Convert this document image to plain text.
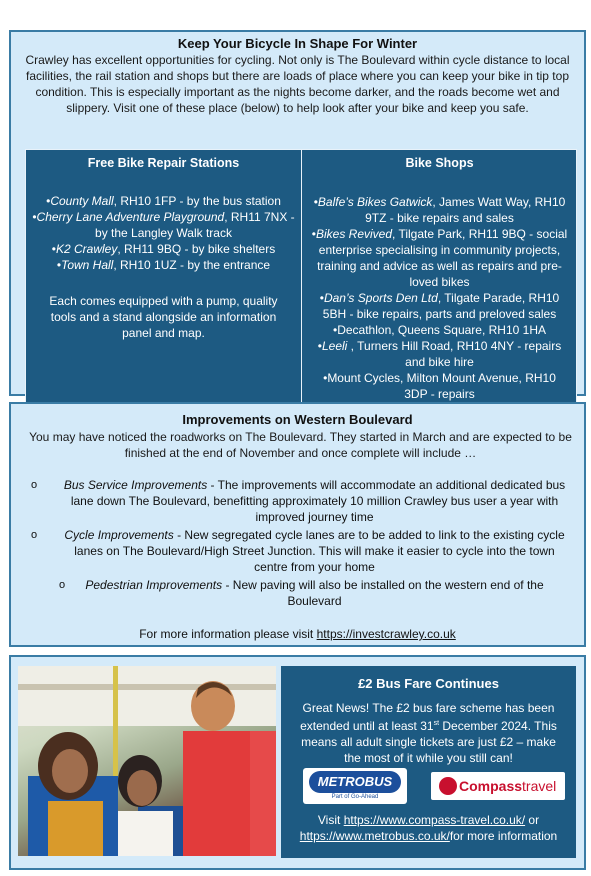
Keep Your Bicycle In Shape For Winter
Crawley has excellent opportunities for cycling. Not only is The Boulevard within cycle distance to local facilities, the rail station and shops but there are loads of place where you can keep your bike in tip top condition. This is especially important as the nights become darker, and the roads become wet and slippery. Visit one of these place (below) to help look after your bike and keep you safe.
Free Bike Repair Stations
•County Mall, RH10 1FP - by the bus station
•Cherry Lane Adventure Playground, RH11 7NX - by the Langley Walk track
•K2 Crawley, RH11 9BQ - by bike shelters
•Town Hall, RH10 1UZ - by the entrance
Each comes equipped with a pump, quality tools and a stand alongside an information panel and map.
Bike Shops
•Balfe’s Bikes Gatwick, James Watt Way, RH10 9TZ - bike repairs and sales
•Bikes Revived, Tilgate Park, RH11 9BQ - social enterprise specialising in community projects, training and advice as well as repairs and pre-loved bikes
•Dan’s Sports Den Ltd, Tilgate Parade, RH10 5BH - bike repairs, parts and preloved sales
•Decathlon, Queens Square, RH10 1HA
•Leeli , Turners Hill Road, RH10 4NY - repairs and bike hire
•Mount Cycles, Milton Mount Avenue, RH10 3DP - repairs
Improvements on Western Boulevard
You may have noticed the roadworks on The Boulevard. They started in March and are expected to be finished at the end of November and once complete will include …
o	Bus Service Improvements - The improvements will accommodate an additional dedicated bus lane down The Boulevard, benefitting approximately 10 million Crawley bus user a year with improved journey time
o	Cycle Improvements - New segregated cycle lanes are to be added to link to the existing cycle lanes on The Boulevard/High Street Junction. This will make it easier to cycle into the town centre from your home
o	Pedestrian Improvements - New paving will also be installed on the western end of the Boulevard
For more information please visit https://investcrawley.co.uk
£2 Bus Fare Continues
Great News! The £2 bus fare scheme has been extended until at least 31st December 2024. This means all adult single tickets are just £2 – make the most of it while you still can!
METROBUS
Part of Go-Ahead
Compasstravel
Visit https://www.compass-travel.co.uk/ or https://www.metrobus.co.uk/for more information
